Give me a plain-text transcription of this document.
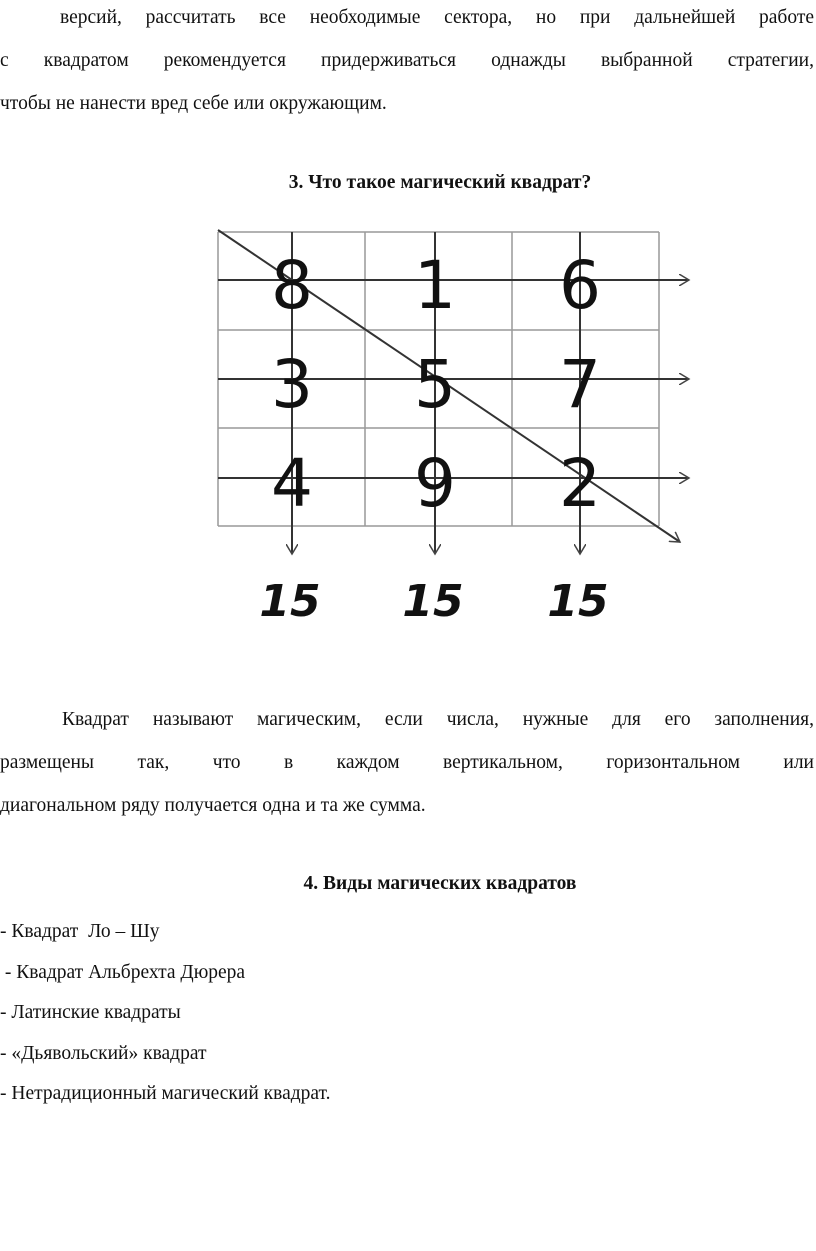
версий, рассчитать все необходимые сектора, но при дальнейшей работе
с квадратом рекомендуется придерживаться однажды выбранной стратегии,
чтобы не нанести вред себе или окружающим.
3. Что такое магический квадрат?
8 1 6
3 5 7
4 9 2
15 15 15
Квадрат называют магическим, если числа, нужные для его заполнения,
размещены так, что в каждом вертикальном, горизонтальном или
диагональном ряду получается одна и та же сумма.
4. Виды магических квадратов
- Квадрат  Ло – Шу
- Квадрат Альбрехта Дюрера
- Латинские квадраты
- «Дьявольский» квадрат
- Нетрадиционный магический квадрат.
